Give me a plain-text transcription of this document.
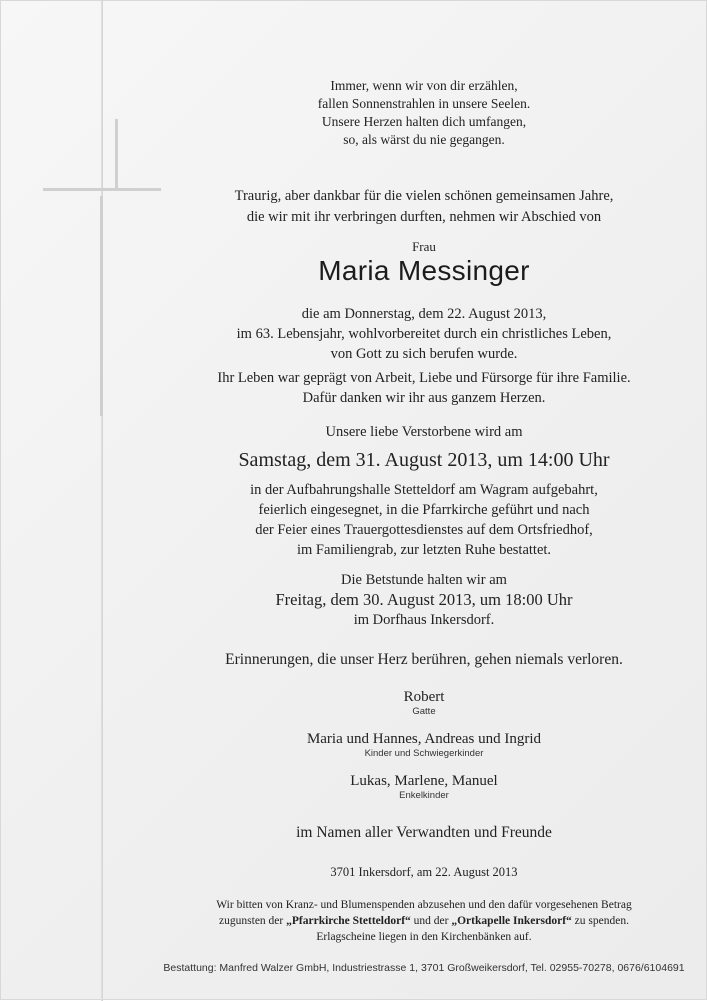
Immer, wenn wir von dir erzählen,
fallen Sonnenstrahlen in unsere Seelen.
Unsere Herzen halten dich umfangen,
so, als wärst du nie gegangen.
Traurig, aber dankbar für die vielen schönen gemeinsamen Jahre,
die wir mit ihr verbringen durften, nehmen wir Abschied von
Frau
Maria Messinger
die am Donnerstag, dem 22. August 2013,
im 63. Lebensjahr, wohlvorbereitet durch ein christliches Leben,
von Gott zu sich berufen wurde.
Ihr Leben war geprägt von Arbeit, Liebe und Fürsorge für ihre Familie.
Dafür danken wir ihr aus ganzem Herzen.
Unsere liebe Verstorbene wird am
Samstag, dem 31. August 2013, um 14:00 Uhr
in der Aufbahrungshalle Stetteldorf am Wagram aufgebahrt,
feierlich eingesegnet, in die Pfarrkirche geführt und nach
der Feier eines Trauergottesdienstes auf dem Ortsfriedhof,
im Familiengrab, zur letzten Ruhe bestattet.
Die Betstunde halten wir am
Freitag, dem 30. August 2013, um 18:00 Uhr
im Dorfhaus Inkersdorf.
Erinnerungen, die unser Herz berühren, gehen niemals verloren.
Robert
Gatte
Maria und Hannes, Andreas und Ingrid
Kinder und Schwiegerkinder
Lukas, Marlene, Manuel
Enkelkinder
im Namen aller Verwandten und Freunde
3701 Inkersdorf, am 22. August 2013
Wir bitten von Kranz- und Blumenspenden abzusehen und den dafür vorgesehenen Betrag
zugunsten der „Pfarrkirche Stetteldorf“ und der „Ortkapelle Inkersdorf“ zu spenden.
Erlagscheine liegen in den Kirchenbänken auf.
Bestattung: Manfred Walzer GmbH, Industriestrasse 1, 3701 Großweikersdorf, Tel. 02955-70278, 0676/6104691
